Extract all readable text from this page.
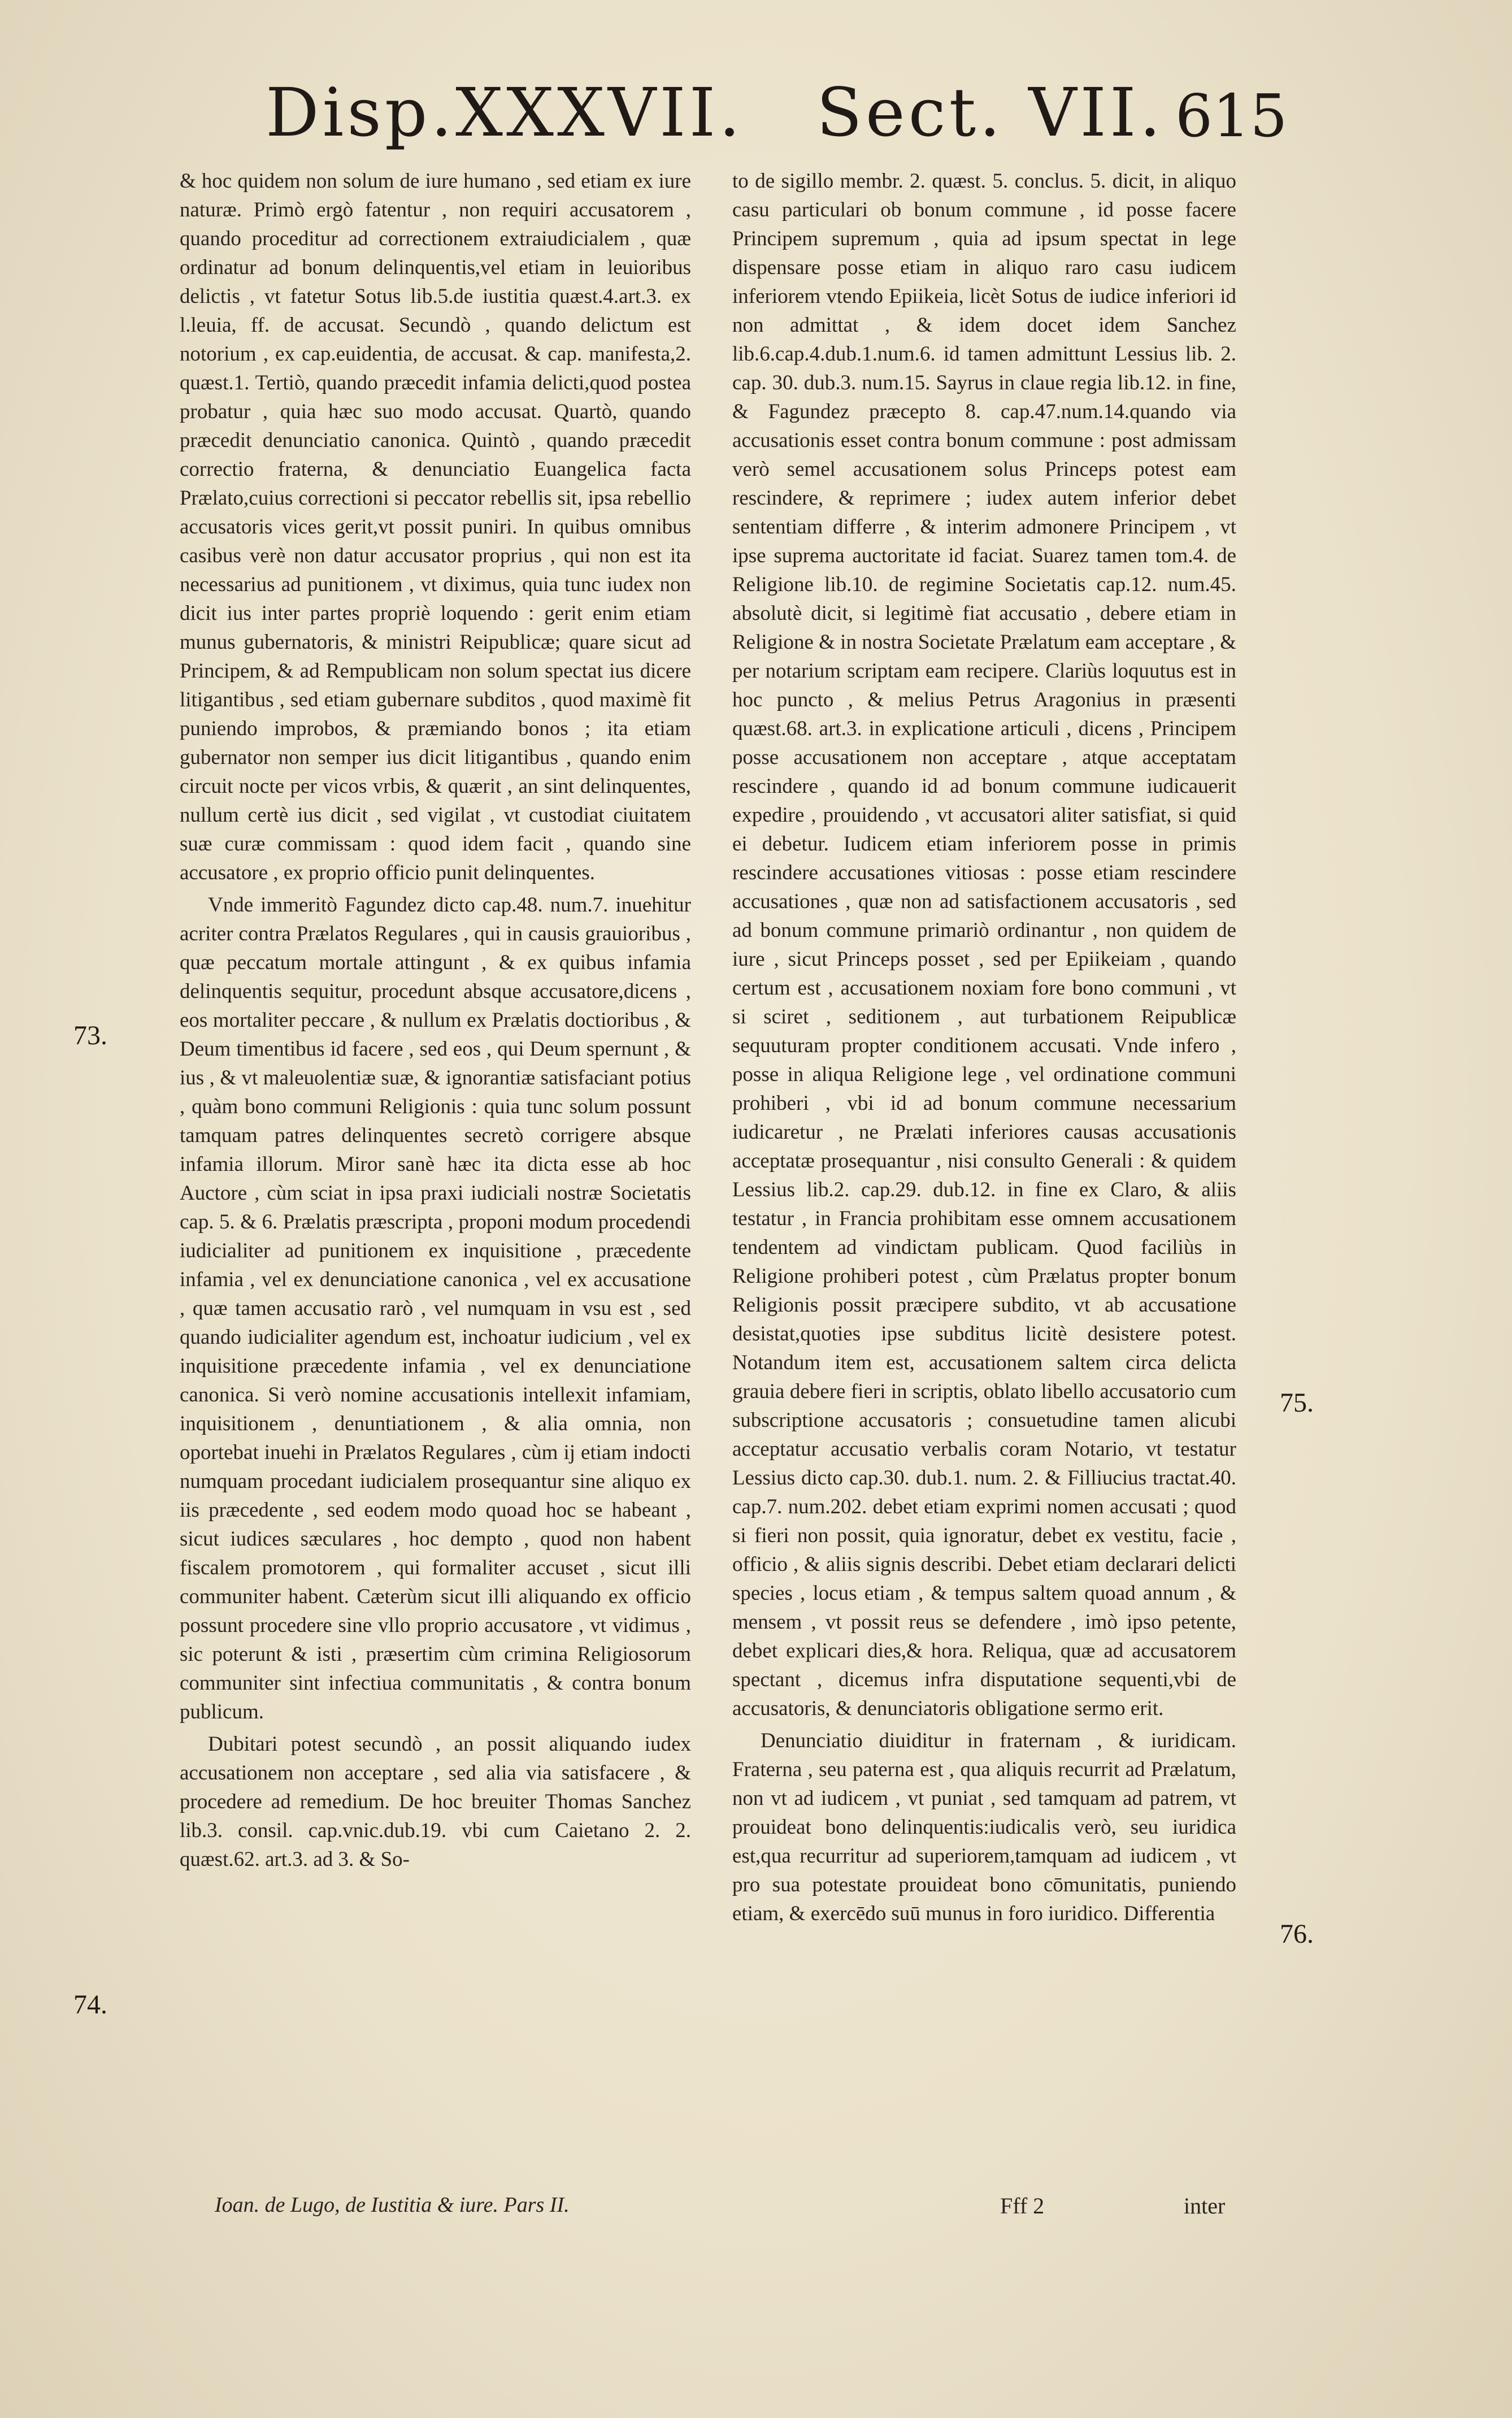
Disp.XXXVII. Sect. VII. 615

& hoc quidem non solum de iure humano , sed etiam ex iure naturæ. Primò ergò fatentur , non requiri accusatorem , quando proceditur ad correctionem extraiudicialem , quæ ordinatur ad bonum delinquentis,vel etiam in leuioribus delictis , vt fatetur Sotus lib.5.de iustitia quæst.4.art.3. ex l.leuia, ff. de accusat. Secundò , quando delictum est notorium , ex cap.euidentia, de accusat. & cap. manifesta,2. quæst.1. Tertiò, quando præcedit infamia delicti,quod postea probatur , quia hæc suo modo accusat. Quartò, quando præcedit denunciatio canonica. Quintò , quando præcedit correctio fraterna, & denunciatio Euangelica facta Prælato,cuius correctioni si peccator rebellis sit, ipsa rebellio accusatoris vices gerit,vt possit puniri. In quibus omnibus casibus verè non datur accusator proprius , qui non est ita necessarius ad punitionem , vt diximus, quia tunc iudex non dicit ius inter partes propriè loquendo : gerit enim etiam munus gubernatoris, & ministri Reipublicæ; quare sicut ad Principem, & ad Rempublicam non solum spectat ius dicere litigantibus , sed etiam gubernare subditos , quod maximè fit puniendo improbos, & præmiando bonos ; ita etiam gubernator non semper ius dicit litigantibus , quando enim circuit nocte per vicos vrbis, & quærit , an sint delinquentes, nullum certè ius dicit , sed vigilat , vt custodiat ciuitatem suæ curæ commissam : quod idem facit , quando sine accusatore , ex proprio officio punit delinquentes.

Vnde immeritò Fagundez dicto cap.48. num.7. inuehitur acriter contra Prælatos Regulares , qui in causis grauioribus , quæ peccatum mortale attingunt , & ex quibus infamia delinquentis sequitur, procedunt absque accusatore,dicens , eos mortaliter peccare , & nullum ex Prælatis doctioribus , & Deum timentibus id facere , sed eos , qui Deum spernunt , & ius , & vt maleuolentiæ suæ, & ignorantiæ satisfaciant potius , quàm bono communi Religionis : quia tunc solum possunt tamquam patres delinquentes secretò corrigere absque infamia illorum. Miror sanè hæc ita dicta esse ab hoc Auctore , cùm sciat in ipsa praxi iudiciali nostræ Societatis cap. 5. & 6. Prælatis præscripta , proponi modum procedendi iudicialiter ad punitionem ex inquisitione , præcedente infamia , vel ex denunciatione canonica , vel ex accusatione , quæ tamen accusatio rarò , vel numquam in vsu est , sed quando iudicialiter agendum est, inchoatur iudicium , vel ex inquisitione præcedente infamia , vel ex denunciatione canonica. Si verò nomine accusationis intellexit infamiam, inquisitionem , denuntiationem , & alia omnia, non oportebat inuehi in Prælatos Regulares , cùm ij etiam indocti numquam procedant iudicialem prosequantur sine aliquo ex iis præcedente , sed eodem modo quoad hoc se habeant , sicut iudices sæculares , hoc dempto , quod non habent fiscalem promotorem , qui formaliter accuset , sicut illi communiter habent. Cæterùm sicut illi aliquando ex officio possunt procedere sine vllo proprio accusatore , vt vidimus , sic poterunt & isti , præsertim cùm crimina Religiosorum communiter sint infectiua communitatis , & contra bonum publicum.

Dubitari potest secundò , an possit aliquando iudex accusationem non acceptare , sed alia via satisfacere , & procedere ad remedium. De hoc breuiter Thomas Sanchez lib.3. consil. cap.vnic.dub.19. vbi cum Caietano 2. 2. quæst.62. art.3. ad 3. & So-

to de sigillo membr. 2. quæst. 5. conclus. 5. dicit, in aliquo casu particulari ob bonum commune , id posse facere Principem supremum , quia ad ipsum spectat in lege dispensare posse etiam in aliquo raro casu iudicem inferiorem vtendo Epiikeia, licèt Sotus de iudice inferiori id non admittat , & idem docet idem Sanchez lib.6.cap.4.dub.1.num.6. id tamen admittunt Lessius lib. 2. cap. 30. dub.3. num.15. Sayrus in claue regia lib.12. in fine, & Fagundez præcepto 8. cap.47.num.14.quando via accusationis esset contra bonum commune : post admissam verò semel accusationem solus Princeps potest eam rescindere, & reprimere ; iudex autem inferior debet sententiam differre , & interim admonere Principem , vt ipse suprema auctoritate id faciat. Suarez tamen tom.4. de Religione lib.10. de regimine Societatis cap.12. num.45. absolutè dicit, si legitimè fiat accusatio , debere etiam in Religione & in nostra Societate Prælatum eam acceptare , & per notarium scriptam eam recipere. Clariùs loquutus est in hoc puncto , & melius Petrus Aragonius in præsenti quæst.68. art.3. in explicatione articuli , dicens , Principem posse accusationem non acceptare , atque acceptatam rescindere , quando id ad bonum commune iudicauerit expedire , prouidendo , vt accusatori aliter satisfiat, si quid ei debetur. Iudicem etiam inferiorem posse in primis rescindere accusationes vitiosas : posse etiam rescindere accusationes , quæ non ad satisfactionem accusatoris , sed ad bonum commune primariò ordinantur , non quidem de iure , sicut Princeps posset , sed per Epiikeiam , quando certum est , accusationem noxiam fore bono communi , vt si sciret , seditionem , aut turbationem Reipublicæ sequuturam propter conditionem accusati. Vnde infero , posse in aliqua Religione lege , vel ordinatione communi prohiberi , vbi id ad bonum commune necessarium iudicaretur , ne Prælati inferiores causas accusationis acceptatæ prosequantur , nisi consulto Generali : & quidem Lessius lib.2. cap.29. dub.12. in fine ex Claro, & aliis testatur , in Francia prohibitam esse omnem accusationem tendentem ad vindictam publicam. Quod faciliùs in Religione prohiberi potest , cùm Prælatus propter bonum Religionis possit præcipere subdito, vt ab accusatione desistat,quoties ipse subditus licitè desistere potest. Notandum item est, accusationem saltem circa delicta grauia debere fieri in scriptis, oblato libello accusatorio cum subscriptione accusatoris ; consuetudine tamen alicubi acceptatur accusatio verbalis coram Notario, vt testatur Lessius dicto cap.30. dub.1. num. 2. & Filliucius tractat.40. cap.7. num.202. debet etiam exprimi nomen accusati ; quod si fieri non possit, quia ignoratur, debet ex vestitu, facie , officio , & aliis signis describi. Debet etiam declarari delicti species , locus etiam , & tempus saltem quoad annum , & mensem , vt possit reus se defendere , imò ipso petente, debet explicari dies,& hora. Reliqua, quæ ad accusatorem spectant , dicemus infra disputatione sequenti,vbi de accusatoris, & denunciatoris obligatione sermo erit.

Denunciatio diuiditur in fraternam , & iuridicam. Fraterna , seu paterna est , qua aliquis recurrit ad Prælatum, non vt ad iudicem , vt puniat , sed tamquam ad patrem, vt prouideat bono delinquentis:iudicalis verò, seu iuridica est,qua recurritur ad superiorem,tamquam ad iudicem , vt pro sua potestate prouideat bono cōmunitatis, puniendo etiam, & exercēdo suū munus in foro iuridico. Differentia

73.
74.
75.
76.
Ioan. de Lugo, de Iustitia & iure. Pars II.	Fff 2	inter
